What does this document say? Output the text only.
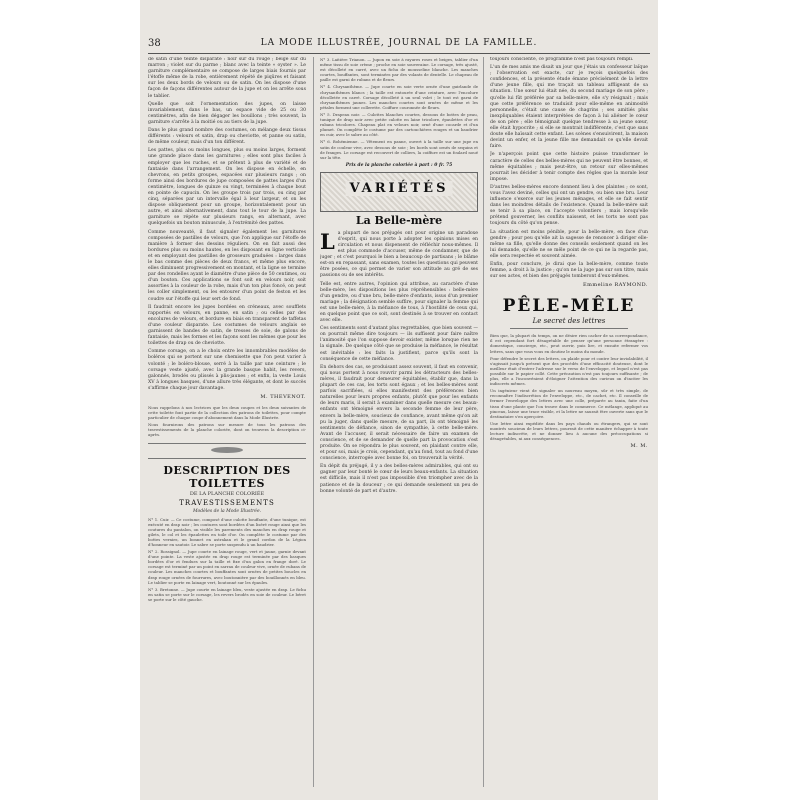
38	LA MODE ILLUSTRÉE, JOURNAL DE LA FAMILLE.

de satin d'une teinte disparate : noir sur du rouge ; beige sur du marron ; violet sur du parme ; blanc avec la teinte « oyster ». Le garniture complémentaire se compose de larges biais fournis par l'étoffe même de la robe, entièrement répété de piqûres et faisant sur les deux bords de velours ou de satin. On les dispose d'une façon de façons différentes autour de la jupe et on les arrête sous le tablier.

Quelle que soit l'ornementation des jupes, on laisse invariablement, dans le bas, un espace vide de 25 ou 30 centimètres, afin de bien dégager les bouillons ; très souvent, la garniture s'arrête à la moitié ou au tiers de la jupe.

Dans le plus grand nombre des costumes, on mélange deux tissus différents : velours et satin, drap ou cheviotte, et panne ou satin, de même couleur, mais d'un ton différent.

Les pattes, plus ou moins longues, plus ou moins larges, forment une grande place dans les garnitures ; elles sont plus faciles à employer que les ruches, et se prêtent à plus de variété et de fantaisie dans l'arrangement. On les dispose en échelle, en chevrons, en petits groupes, espacées sur plusieurs rangs ; on forme ainsi des bordures de jupe composées de pattes larges d'un centimètre, longues de quinze ou vingt, terminées à chaque bout en pointe de capucin. On les groupe trois par trois, ou cinq par cinq, séparées par un intervalle égal à leur largeur, et on les dispose obliquement pour un groupe, horizontalement pour un autre, et ainsi alternativement, dans tout le tour de la jupe. La garniture se répète sur plusieurs rangs, en alternant, avec quelquefois un bouton minuscule, à l'extrémité des pattes.

Comme nouveauté, il faut signaler également les garnitures composées de pastilles de velours, que l'on applique sur l'étoffe de manière à former des dessins réguliers. On en fait aussi des bordures plus ou moins hautes, en les disposant en ligne verticale et en employant des pastilles de grosseurs graduées : larges dans le bas comme des pièces de deux francs, et même plus encore, elles diminuent progressivement en montant, et la ligne se termine par des rondelles ayant le diamètre d'une pièce de 50 centimes, ou d'un bouton. Ces applications se font soit en velours noir, soit assorties à la couleur de la robe, mais d'un ton plus foncé, on peut les coller simplement, ou les entourer d'un point de feston et les coudre sur l'étoffe qui leur sert de fond.

Il faudrait encore les jupes bordées en créneaux, avec soufflets rapportés en velours, en panne, en satin ; ou celles par des encolures de velours, et bordure en biais en transparent de taffetas d'une couleur disparate. Les costumes de velours anglais se garnissent de bandes de satin, de tresses de soie, de galons de fantaisie, mais les formes et les façons sont les mêmes que pour les toilettes de drap ou de cheviotte.

Comme corsage, on a le choix entre les innombrables modèles de boléros qui se portent sur une chemisette que l'on peut varier à volonté ; le boléro-blouse, serré à la taille par une ceinture ; le corsage veste ajusté, avec la grande basque habit, les revers, galonnés, brodés ou plissés à plis-jaunes ; et enfin, la veste Louis XV à longues basques, d'une allure très élégante, et dont le succès s'affirme chaque jour davantage.

M. THEVENOT.

Nous rappelons à nos lectrices que les deux coupes et les deux suivantes de cette toilette font partie de la collection des patrons de toilettes, pour compte particulier de chaque coupe d'abonnement dans la Mode Illustrée.

Nous fournirons des patrons sur mesure de tous les patrons des travestissements de la planche coloriée, dont on trouvera la description ci-après.

DESCRIPTION DES TOILETTES
DE LA PLANCHE COLORIÉE
TRAVESTISSEMENTS
Modèles de la Mode Illustrée.

N° 1. Cuir. — Ce costume, composé d'une culotte bouffante, d'une tunique, est exécuté en drap noir ; les coutures sont bordées d'un liséré rouge ainsi que les coutures du pantalon, on visible les parements des manches en drap rouge et gilets, le col et les épaulettes en toile d'or. On complète le costume par des bottes vernies, un bonnet en astrakan et le grand cordon de la Légion d'honneur en sautoir. Le sabre se porte suspendu à un baudrier.

N° 2. Rossignol. — Jupe courte en lainage rouge, vert et jaune, garnie devant d'une pointe. La veste ajustée en drap rouge est terminée par des basques bordées d'or et fendues sur la taille et fixe d'un galon en frange doré. Le corsage est terminé par un point en sarrau de couleur vive, ornée de rubans de couleur. Les manches courtes et bouffantes sont ornées de petites boucles en drap rouge ornées de fourrures, avec boutonnière par des bouillonnés en bleu. Le tablier se porte en lainage vert, boutonné sur les épaules.

N° 3. Bretonne. — Jupe courte en lainage bleu, veste ajustée en drap. Le fichu en satin se porte sur le corsage, les revers brodés en soie de couleur. Le béret se porte sur le côté gauche.

N° 3. Laitière Trianon. — Jupon en soie à rayures roses et beiges, tablier d'un même tissu de soie crème ; proche en soie souveraine. Le corsage, très ajusté, est décolleté en carré, avec un fichu de mousseline blanche. Les manches courtes, bouffantes, sont terminées par des volants de dentelle. Le chapeau de paille est garni de rubans et de fleurs.

N° 4. Chrysanthème. — Jupe courte en soie verte ornée d'une guirlande de chrysanthèmes blancs ; la taille est entourée d'une ceinture, avec l'encolure décolletée en carré. Corsage décolleté à un seul volet ; le tout est garni de chrysanthèmes jaunes. Les manches courtes sont ornées de même et les pétales forment une collerette. Coiffure couronnée de fleurs.

N° 5. Drapeau noir. — Culottes blanches courtes, dessous de bottes de peau, tunique de drap noir avec petite calotte en laine tricolore, épaulettes d'or et rubans tricolores. Chapeau plat en velours noir, orné d'une cocarde et d'un plumet. On complète le costume par des cartouchières rouges et un baudrier en cuir, avec le sabre au côté.

N° 6. Bohémienne. — Vêtement en panne, ouvert à la taille sur une jupe en satin de couleur vive, avec dessous de soie ; les bords sont ornés de sequins et de franges. Le corsage est recouvert de colliers, la coiffure est un foulard noué sur la tête.

Prix de la planche coloriée à part : 0 fr. 75
VARIÉTÉS
La Belle-mère

La plupart de nos préjugés ont pour origine un paradoxe d'esprit, qui nous porte à adopter les opinions mises en circulation et nous dispensent de réfléchir nous-mêmes. Il est plus commode d'accuser, même de condamner, que de juger ; et c'est pourquoi le bien a beaucoup de partisans ; le blâme est-on en repassant, sans examen, toutes les questions qui peuvent être posées, ce qui permet de varier son attitude au gré de ses passions ou de ses intérêts.

Telle est, entre autres, l'opinion qui attribue, au caractère d'une belle-mère, les dispositions les plus répréhensibles : belle-mère d'un gendre, ou d'une bru, belle-mère d'enfants, issus d'un premier mariage ; la désignation semble suffire, pour signaler la femme qui est une belle-mère, à la méfiance de tous, à l'hostilité de ceux qui, en quelque point que ce soit, sont destinés à se trouver en contact avec elle.

Ces sentiments sont d'autant plus regrettables, que bien souvent — on pourrait même dire toujours — ils suffisent pour faire naître l'animosité que l'on suppose devoir exister, même lorsque rien ne la signale. De quelque côté que se produise la méfiance, le résultat est inévitable : les faits la justifient, parce qu'ils sont la conséquence de cette méfiance.

En dehors des cas, se produisant assez souvent, il faut en convenir, qui nous portent à nous rouvrir parmi les détracteurs des belles-mères, il faudrait pour demeurer équitables, établir que, dans la plupart de ces cas, les torts sont égaux ; et les belles-mères sont parfois sacrifiées, si elles manifestent des préférences bien naturelles pour leurs propres enfants, plutôt que pour les enfants de leurs maris, il serait à examiner dans quelle mesure ces beaux-enfants ont témoigné envers la seconde femme de leur père, envers la belle-mère, soucieux de confiance, avant même qu'on ait pu la juger, dans quelle mesure, de sa part, ils ont témoigné les sentiments de défiance, sinon de sympathie, à cette belle-mère. Avant de l'accuser, il serait nécessaire de faire un examen de conscience, et de se demander de quelle part la provocation s'est produite. On se répondra le plus souvent, en plaidant contre elle, et pour soi, mais je crois, cependant, qu'au fond, tout au fond d'une conscience, interrogée avec bonne foi, on trouverait la vérité.

En dépit du préjugé, il y a des belles-mères admirables, qui ont su gagner par leur bonté le cœur de leurs beaux-enfants. La situation est difficile, mais il n'est pas impossible d'en triompher avec de la patience et de la douceur ; ce qui demande seulement un peu de bonne volonté de part et d'autre.

toujours consciente, ce programme n'est pas toujours rempli.

L'un de mes amis me disait un jour que j'étais un confesseur laïque ; l'observation est exacte, car je reçois quelquefois des confidences, et la présente étude émane précisément de la lettre d'une jeune fille, qui me traçait un tableau affligeant de sa situation. Une sœur lui était née, du second mariage de son père ; qu'elle lui fût préférée par sa belle-mère, elle s'y résignait ; mais que cette préférence se traduisit pour elle-même en animosité personnelle, c'était une cause de chagrins ; ses amitiés plus inexpliquables étaient interprétées de façon à lui aliéner le cœur de son père ; elle témoignait quelque tendresse à sa jeune sœur, elle était hypocrite ; si elle se montrait indifférente, c'est que sans doute elle haïssait cette enfant. Les scènes s'ensuivirent, la maison devint un enfer, et la jeune fille me demandait ce qu'elle devait faire.

Je n'aperçois point que cette histoire puisse transformer le caractère de celles des belles-mères qui ne peuvent être bonnes, et même équitables ; mais peut-être, un retour sur elles-mêmes pourrait les décider à tenir compte des règles que la morale leur impose.

D'autres belles-mères encore donnent lieu à des plaintes ; ce sont, vous l'avez deviné, celles qui ont un gendre, ou bien une bru. Leur influence s'exerce sur les jeunes ménages, et elle se fait sentir dans les moindres détails de l'existence. Quand la belle-mère sait se tenir à sa place, on l'accepte volontiers ; mais lorsqu'elle prétend gouverner, les conflits naissent, et les torts ne sont pas toujours du côté qu'on pense.

La situation est moins pénible, pour la belle-mère, en face d'un gendre ; pour peu qu'elle ait la sagesse de renoncer à diriger elle-même sa fille, qu'elle donne des conseils seulement quand on les lui demande, qu'elle ne se mêle point de ce qui ne la regarde pas, elle sera respectée et souvent aimée.

Enfin, pour conclure, je dirai que la belle-mère, comme toute femme, a droit à la justice ; qu'on ne la juge pas sur son titre, mais sur ses actes, et bien des préjugés tomberont d'eux-mêmes.

Emmeline RAYMOND.
PÊLE-MÊLE
Le secret des lettres

Bien que, la plupart du temps, on ne désire rien cacher de sa correspondance, il est cependant fort désagréable de penser qu'une personne étrangère : domestique, concierge, etc., peut ouvrir, puis lire, et ensuite refermer vos lettres, sans que vous vous en doutiez le moins du monde.

Pour défendre le secret des lettres, on plaide pour et contre leur inviolabilité, il s'agissait jusqu'à présent que des procédés d'une efficacité douteuse, dont le meilleur était d'entrer l'adresse sur le verso de l'enveloppe, et lequel n'est pas possible sur le papier collé. Cette précaution n'est pas toujours suffisante ; de plus, elle a l'inconvénient d'éloigner l'attention des curieux on d'inciter les indiscrets mêmes.

Un ingénieur vient de signaler un nouveau moyen, sûr et très simple, de reconnaître l'indiscrétion de l'enveloppe, etc., de cachet, etc. Il conseille de fermer l'enveloppe des lettres avec une colle, préparée au tanin, faite d'un tissu d'une plante que l'on trouve dans le commerce. Ce mélange, appliqué au pinceau, laisse une trace visible, et la lettre ne saurait être ouverte sans que le destinataire s'en aperçoive.

Une lettre ainsi expédiée dans les pays chauds ou étrangers, qui se sont montrés soucieux de leurs lettres, pourrait de cette manière échapper à toute lecture indiscrète, et ne donner lieu à aucune des préoccupations si désagréables, ni aux conséquences.

M. M.
